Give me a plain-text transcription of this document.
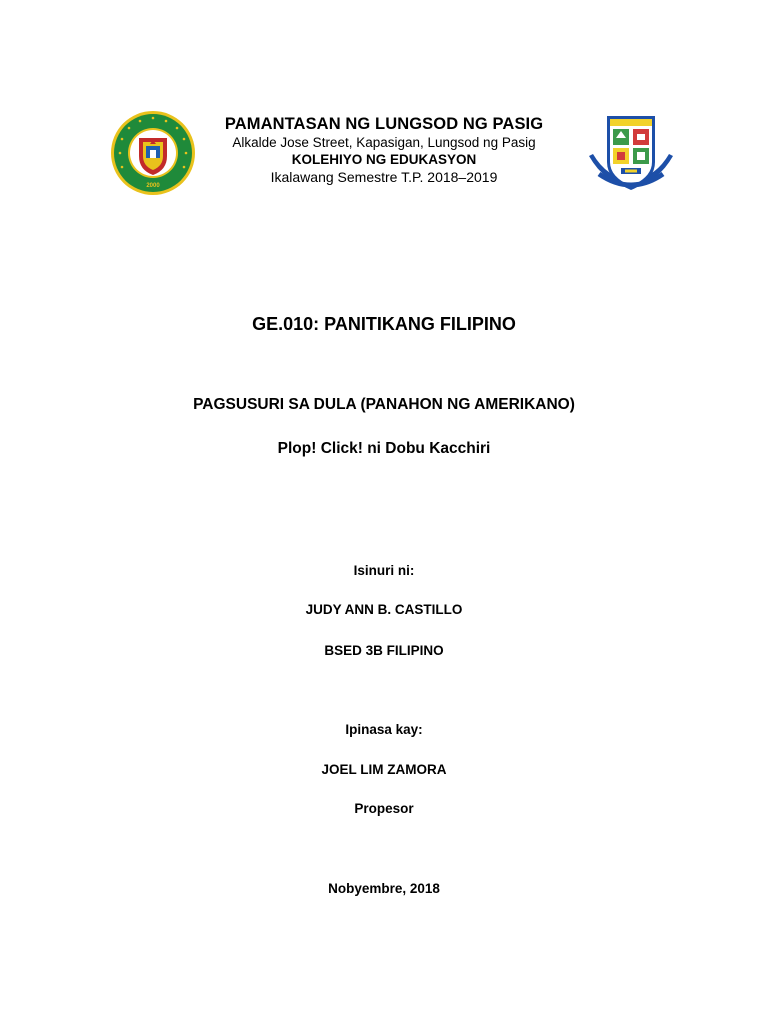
2000
PAMANTASAN NG LUNGSOD NG PASIG
Alkalde Jose Street, Kapasigan, Lungsod ng Pasig
KOLEHIYO NG EDUKASYON
Ikalawang Semestre T.P. 2018–2019
GE.010: PANITIKANG FILIPINO
PAGSUSURI SA DULA (PANAHON NG AMERIKANO)
Plop! Click! ni Dobu Kacchiri
Isinuri ni:
JUDY ANN B. CASTILLO
BSED 3B FILIPINO
Ipinasa kay:
JOEL LIM ZAMORA
Propesor
Nobyembre, 2018
